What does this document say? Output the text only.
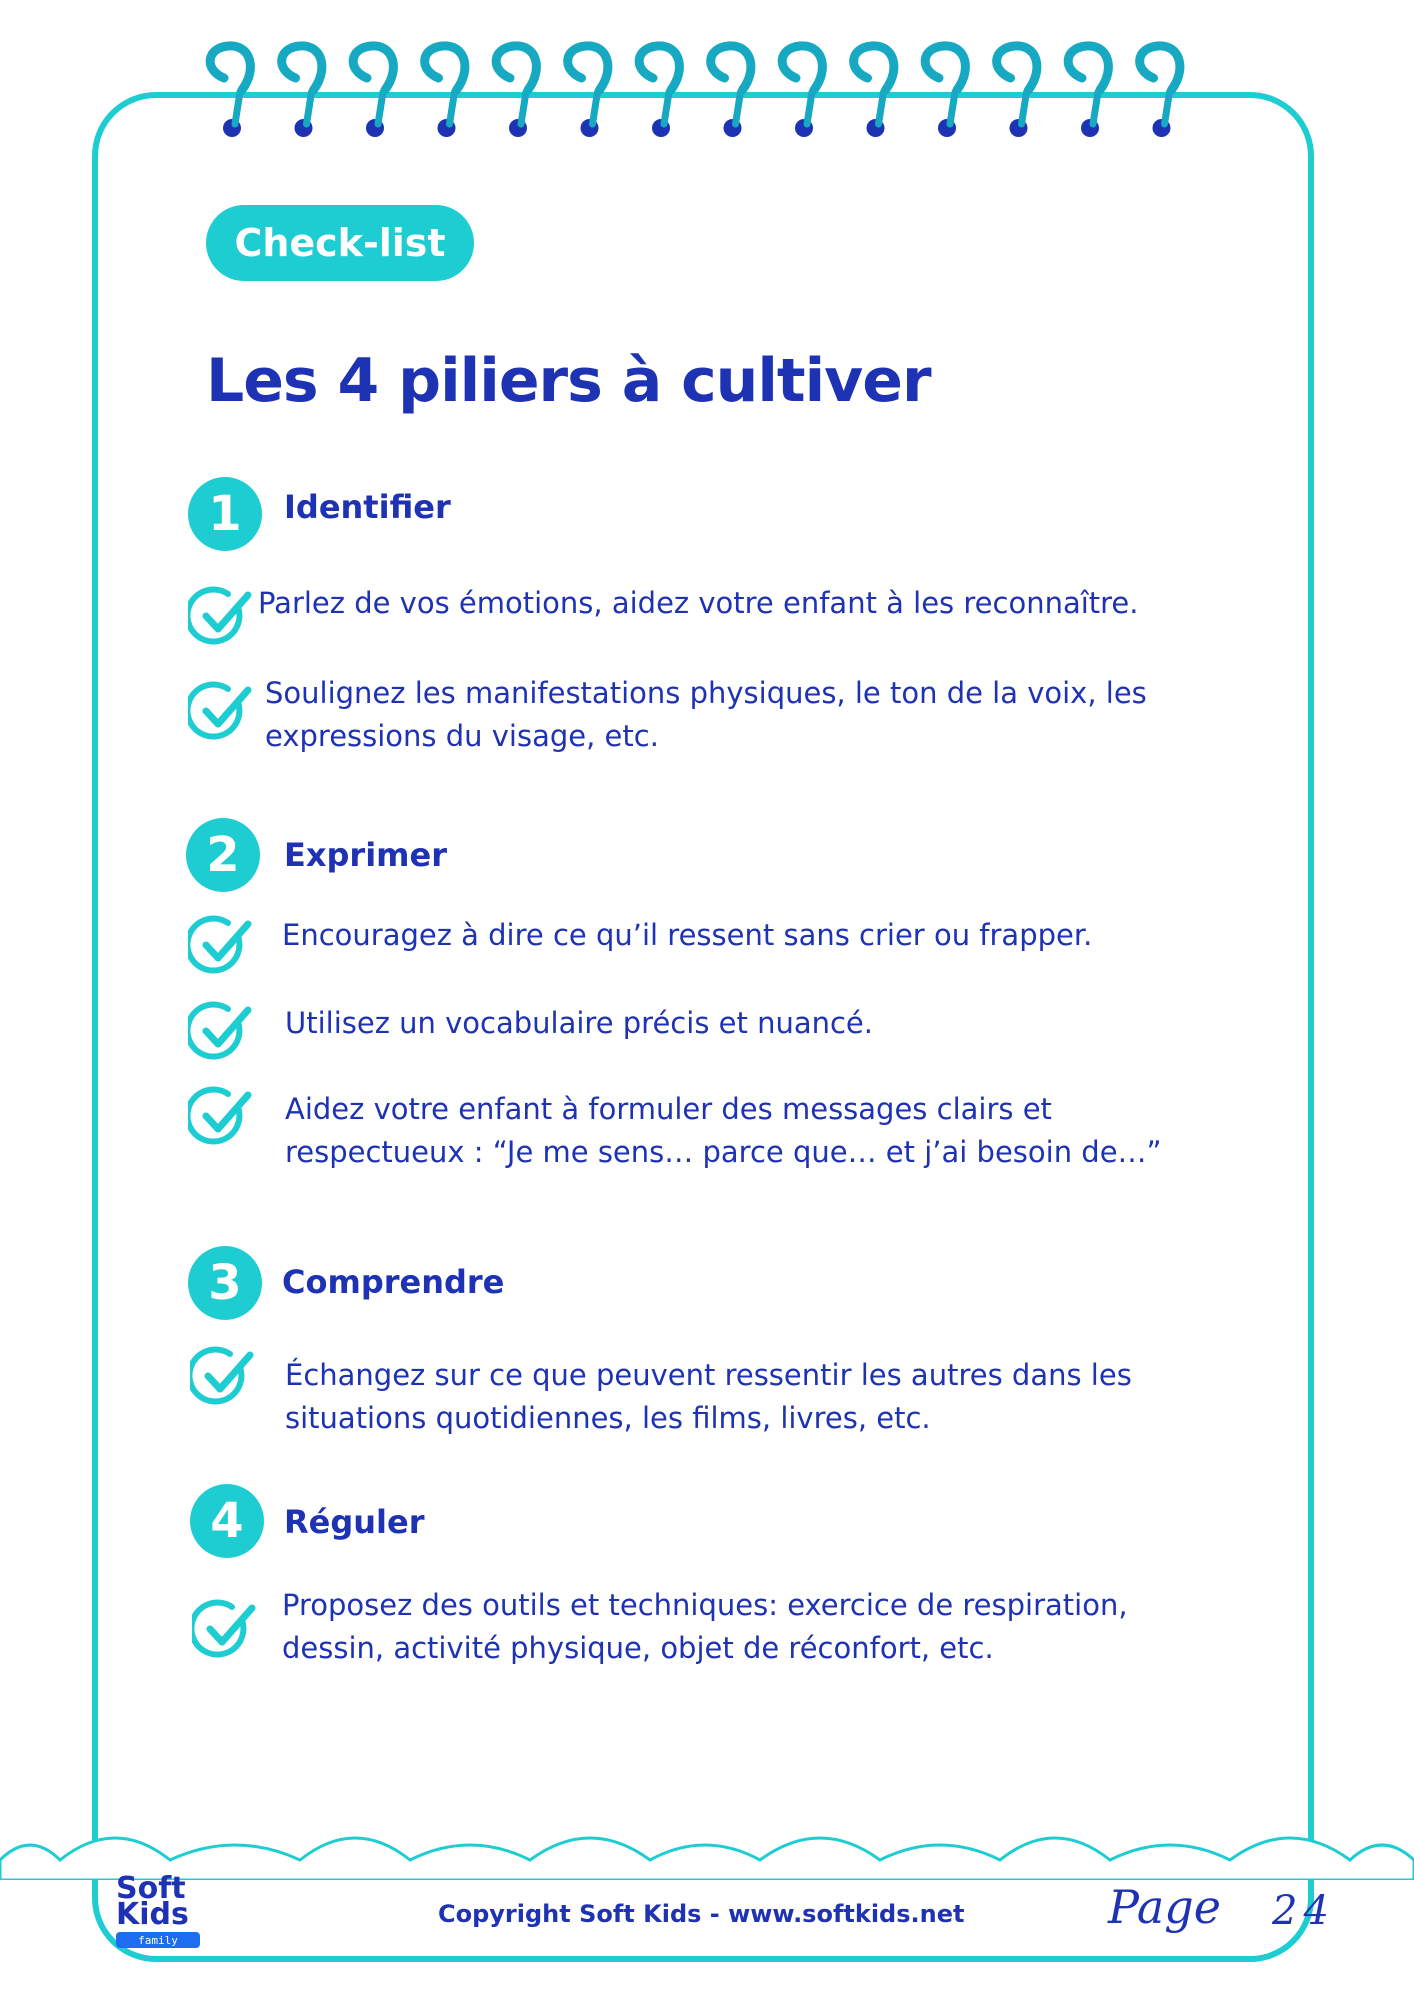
Check-list
Les 4 piliers à cultiver
1	Identifier
Parlez de vos émotions, aidez votre enfant à les reconnaître.
Soulignez les manifestations physiques, le ton de la voix, les
expressions du visage, etc.
2	Exprimer
Encouragez à dire ce qu’il ressent sans crier ou frapper.
Utilisez un vocabulaire précis et nuancé.
Aidez votre enfant à formuler des messages clairs et
respectueux : “Je me sens… parce que… et j’ai besoin de…”
3	Comprendre
Échangez sur ce que peuvent ressentir les autres dans les
situations quotidiennes, les films, livres, etc.
4	Réguler
Proposez des outils et techniques: exercice de respiration,
dessin, activité physique, objet de réconfort, etc.
Soft
Kids
family
Copyright Soft Kids - www.softkids.net	Page 24
